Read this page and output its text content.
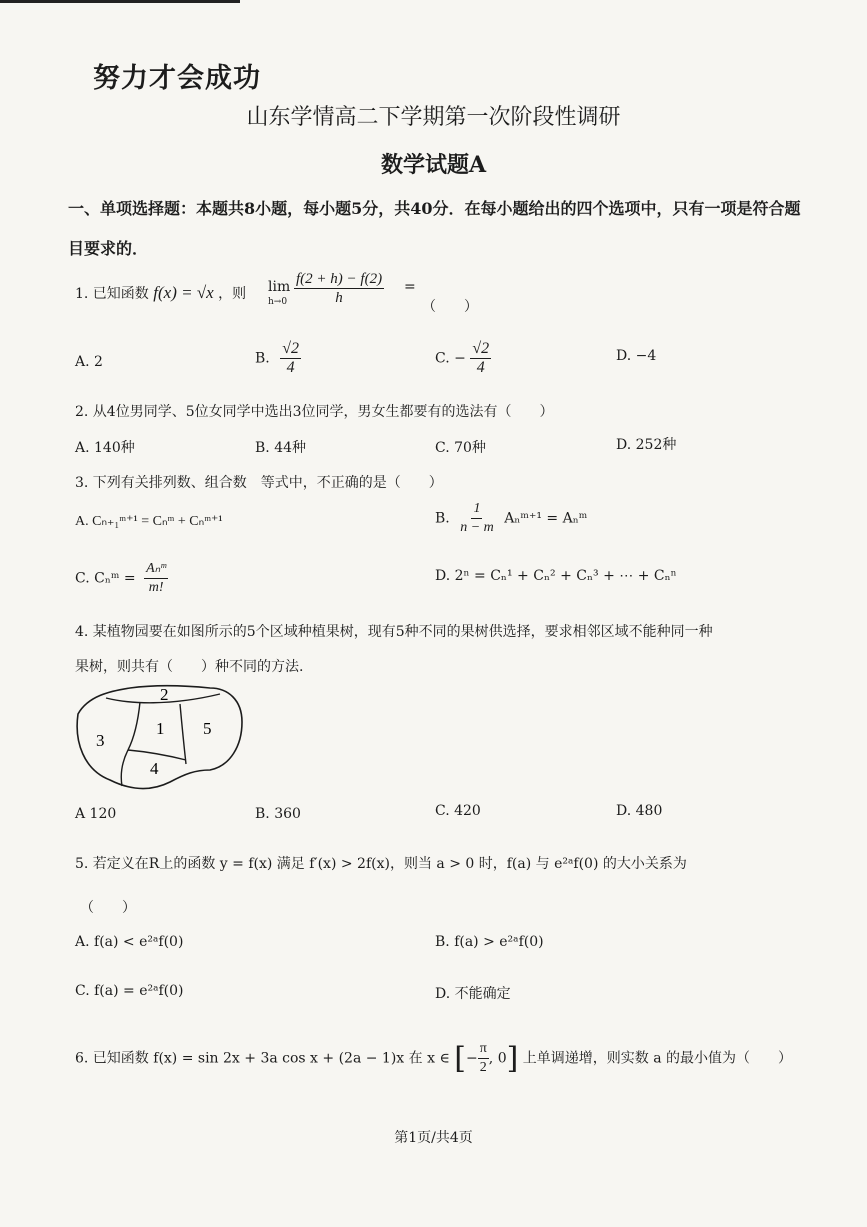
努力才会成功
山东学情高二下学期第一次阶段性调研
数学试题A
一、单项选择题：本题共8小题，每小题5分，共40分．在每小题给出的四个选项中，只有一项是符合题目要求的．
1. 已知函数 f(x) = √x ，则 lim
$h\to 0 \frac{f(2 + h) - f(2)}{h}$ =
（　　）
A. 2	B. $\frac{√2}{4}$	C. − $\frac{√2}{4}$	D. −4
2. 从4位男同学、5位女同学中选出3位同学，男女生都要有的选法有（　　）
A. 140种	B. 44种	C. 70种	D. 252种
3. 下列有关排列数、组合数　等式中，不正确的是（　　）
A. Cₙ₊₁ᵐ⁺¹ = Cₙᵐ + Cₙᵐ⁺¹	B. $\frac{1}{n - m}$ Aₙᵐ⁺¹ = Aₙᵐ
C. Cₙᵐ = $\frac{\text{Aₙᵐ}}{m!}$	D. 2ⁿ = Cₙ¹ + Cₙ² + Cₙ³ + ⋯ + Cₙⁿ
4. 某植物园要在如图所示的5个区域种植果树，现有5种不同的果树供选择，要求相邻区域不能种同一种
果树，则共有（　　）种不同的方法.
2
1 5
3
4
A 120	B. 360	C. 420	D. 480
5. 若定义在R上的函数 y = f(x) 满足 f′(x) > 2f(x)，则当 a > 0 时，f(a) 与 e²ᵃf(0) 的大小关系为
（　　）
A. f(a) < e²ᵃf(0)	B. f(a) > e²ᵃf(0)
C. f(a) = e²ᵃf(0)	D. 不能确定
6. 已知函数 f(x) = sin 2x + 3a cos x + (2a − 1)x 在 x ∈ [− $\frac{\pi}{2}$ , 0] 上单调递增，则实数 a 的最小值为（　　）
第1页/共4页
